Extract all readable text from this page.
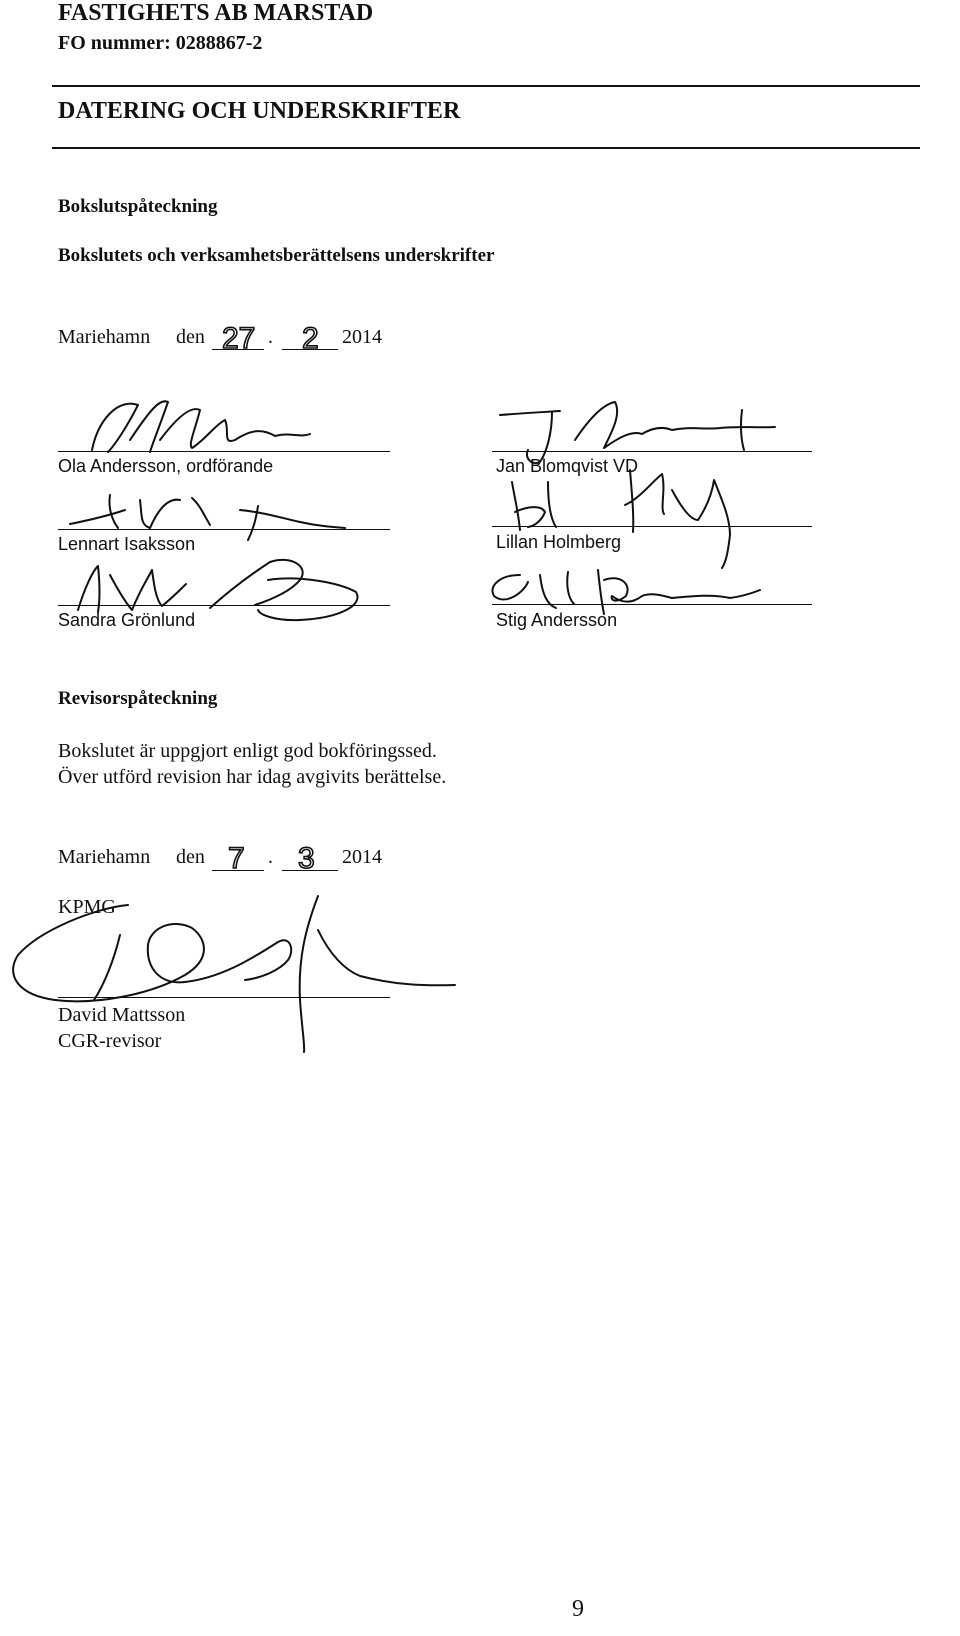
FASTIGHETS AB MARSTAD
FO nummer: 0288867-2
DATERING OCH UNDERSKRIFTER
Bokslutspåteckning
Bokslutets och verksamhetsberättelsens underskrifter
Mariehamn den	.	2014
Ola Andersson, ordförande	Jan Blomqvist VD
Lennart Isaksson	Lillan Holmberg
Sandra Grönlund	Stig Andersson
Revisorspåteckning
Bokslutet är uppgjort enligt god bokföringssed.
Över utförd revision har idag avgivits berättelse.
Mariehamn den	.	2014
KPMG
David Mattsson
CGR-revisor
27 2
7 3
9
